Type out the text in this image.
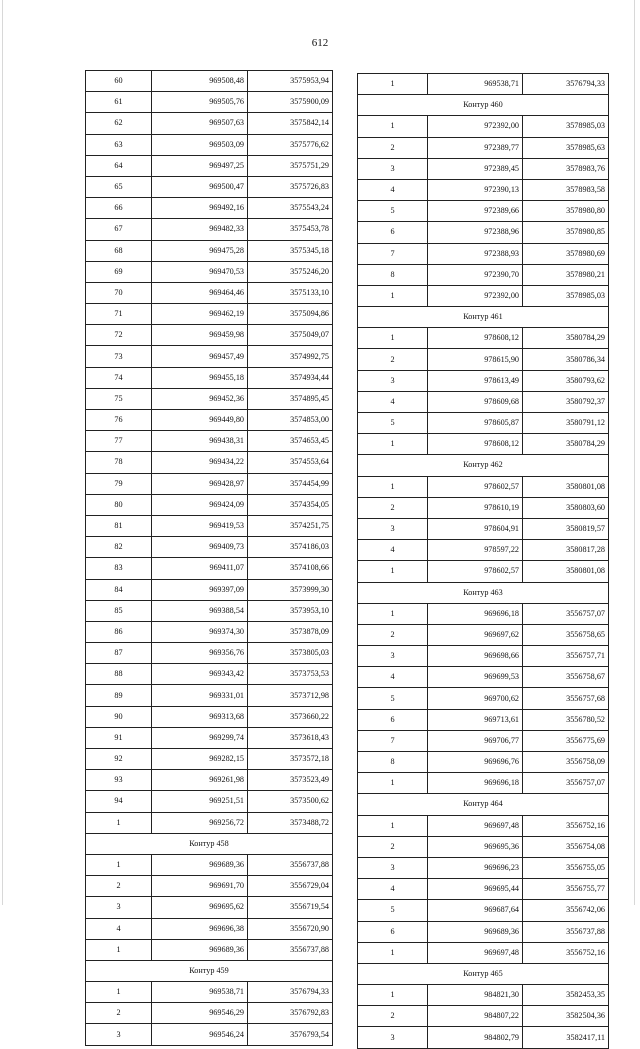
612
60	969508,48	3575953,94
61	969505,76	3575900,09
62	969507,63	3575842,14
63	969503,09	3575776,62
64	969497,25	3575751,29
65	969500,47	3575726,83
66	969492,16	3575543,24
67	969482,33	3575453,78
68	969475,28	3575345,18
69	969470,53	3575246,20
70	969464,46	3575133,10
71	969462,19	3575094,86
72	969459,98	3575049,07
73	969457,49	3574992,75
74	969455,18	3574934,44
75	969452,36	3574895,45
76	969449,80	3574853,00
77	969438,31	3574653,45
78	969434,22	3574553,64
79	969428,97	3574454,99
80	969424,09	3574354,05
81	969419,53	3574251,75
82	969409,73	3574186,03
83	969411,07	3574108,66
84	969397,09	3573999,30
85	969388,54	3573953,10
86	969374,30	3573878,09
87	969356,76	3573805,03
88	969343,42	3573753,53
89	969331,01	3573712,98
90	969313,68	3573660,22
91	969299,74	3573618,43
92	969282,15	3573572,18
93	969261,98	3573523,49
94	969251,51	3573500,62
1	969256,72	3573488,72
Контур 458		
1	969689,36	3556737,88
2	969691,70	3556729,04
3	969695,62	3556719,54
4	969696,38	3556720,90
1	969689,36	3556737,88
Контур 459		
1	969538,71	3576794,33
2	969546,29	3576792,83
3	969546,24	3576793,54
1	969538,71	3576794,33
Контур 460		
1	972392,00	3578985,03
2	972389,77	3578985,63
3	972389,45	3578983,76
4	972390,13	3578983,58
5	972389,66	3578980,80
6	972388,96	3578980,85
7	972388,93	3578980,69
8	972390,70	3578980,21
1	972392,00	3578985,03
Контур 461		
1	978608,12	3580784,29
2	978615,90	3580786,34
3	978613,49	3580793,62
4	978609,68	3580792,37
5	978605,87	3580791,12
1	978608,12	3580784,29
Контур 462		
1	978602,57	3580801,08
2	978610,19	3580803,60
3	978604,91	3580819,57
4	978597,22	3580817,28
1	978602,57	3580801,08
Контур 463		
1	969696,18	3556757,07
2	969697,62	3556758,65
3	969698,66	3556757,71
4	969699,53	3556758,67
5	969700,62	3556757,68
6	969713,61	3556780,52
7	969706,77	3556775,69
8	969696,76	3556758,09
1	969696,18	3556757,07
Контур 464		
1	969697,48	3556752,16
2	969695,36	3556754,08
3	969696,23	3556755,05
4	969695,44	3556755,77
5	969687,64	3556742,06
6	969689,36	3556737,88
1	969697,48	3556752,16
Контур 465		
1	984821,30	3582453,35
2	984807,22	3582504,36
3	984802,79	3582417,11
